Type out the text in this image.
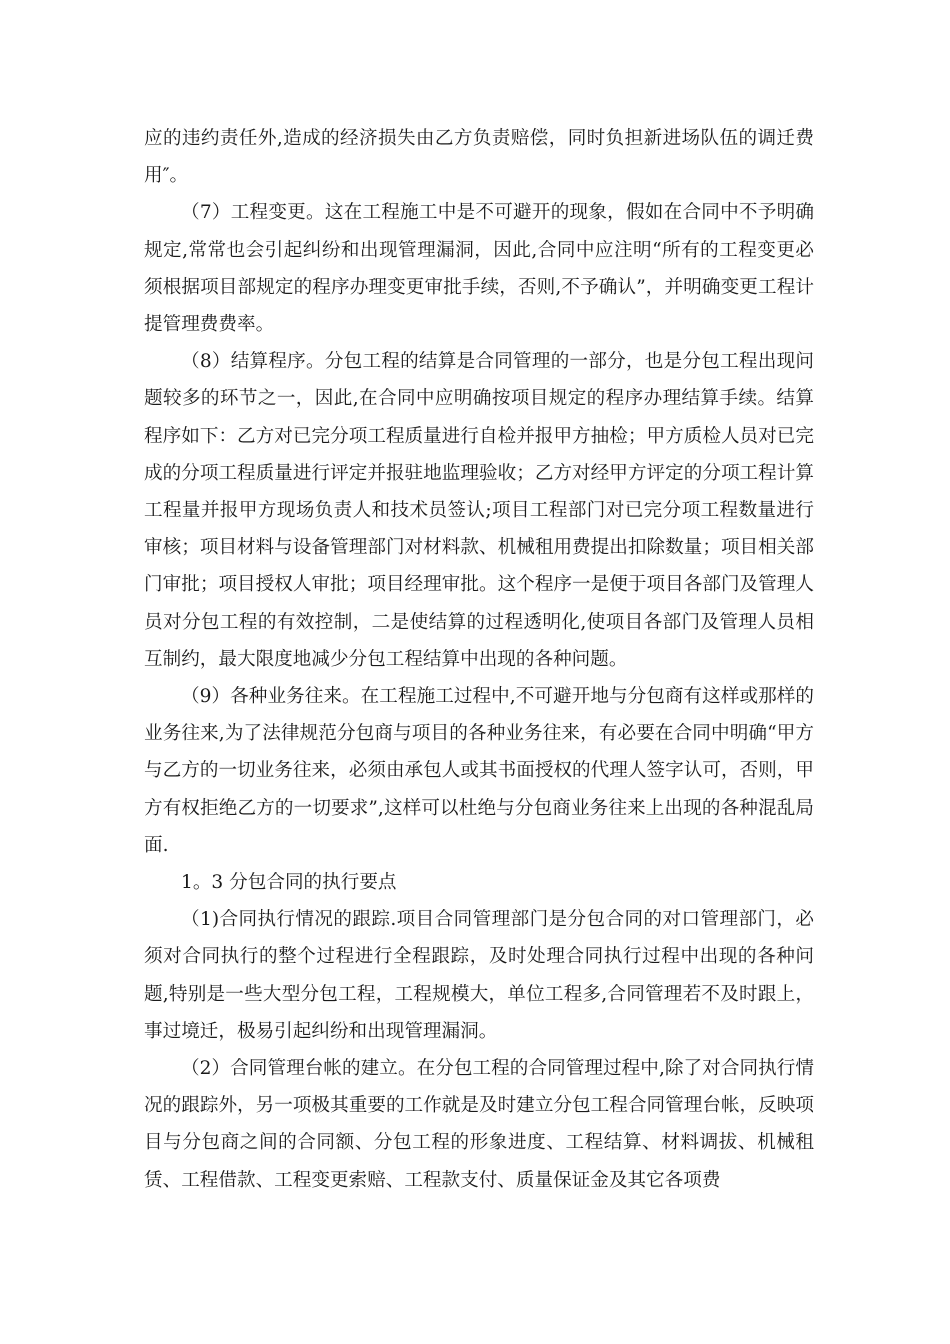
应的违约责任外,造成的经济损失由乙方负责赔偿，同时负担新进场队伍的调迁费用″。

（7）工程变更。这在工程施工中是不可避开的现象，假如在合同中不予明确规定,常常也会引起纠纷和出现管理漏洞，因此,合同中应注明“所有的工程变更必须根据项目部规定的程序办理变更审批手续，否则,不予确认”，并明确变更工程计提管理费费率。

（8）结算程序。分包工程的结算是合同管理的一部分，也是分包工程出现问题较多的环节之一，因此,在合同中应明确按项目规定的程序办理结算手续。结算程序如下：乙方对已完分项工程质量进行自检并报甲方抽检；甲方质检人员对已完成的分项工程质量进行评定并报驻地监理验收；乙方对经甲方评定的分项工程计算工程量并报甲方现场负责人和技术员签认;项目工程部门对已完分项工程数量进行审核；项目材料与设备管理部门对材料款、机械租用费提出扣除数量；项目相关部门审批；项目授权人审批；项目经理审批。这个程序一是便于项目各部门及管理人员对分包工程的有效控制，二是使结算的过程透明化,使项目各部门及管理人员相互制约，最大限度地减少分包工程结算中出现的各种问题。

（9）各种业务往来。在工程施工过程中,不可避开地与分包商有这样或那样的业务往来,为了法律规范分包商与项目的各种业务往来，有必要在合同中明确“甲方与乙方的一切业务往来，必须由承包人或其书面授权的代理人签字认可，否则，甲方有权拒绝乙方的一切要求”,这样可以杜绝与分包商业务往来上出现的各种混乱局面.

1。3 分包合同的执行要点

（1)合同执行情况的跟踪.项目合同管理部门是分包合同的对口管理部门，必须对合同执行的整个过程进行全程跟踪，及时处理合同执行过程中出现的各种问题,特别是一些大型分包工程，工程规模大，单位工程多,合同管理若不及时跟上，事过境迁，极易引起纠纷和出现管理漏洞。

（2）合同管理台帐的建立。在分包工程的合同管理过程中,除了对合同执行情况的跟踪外，另一项极其重要的工作就是及时建立分包工程合同管理台帐，反映项目与分包商之间的合同额、分包工程的形象进度、工程结算、材料调拔、机械租赁、工程借款、工程变更索赔、工程款支付、质量保证金及其它各项费
